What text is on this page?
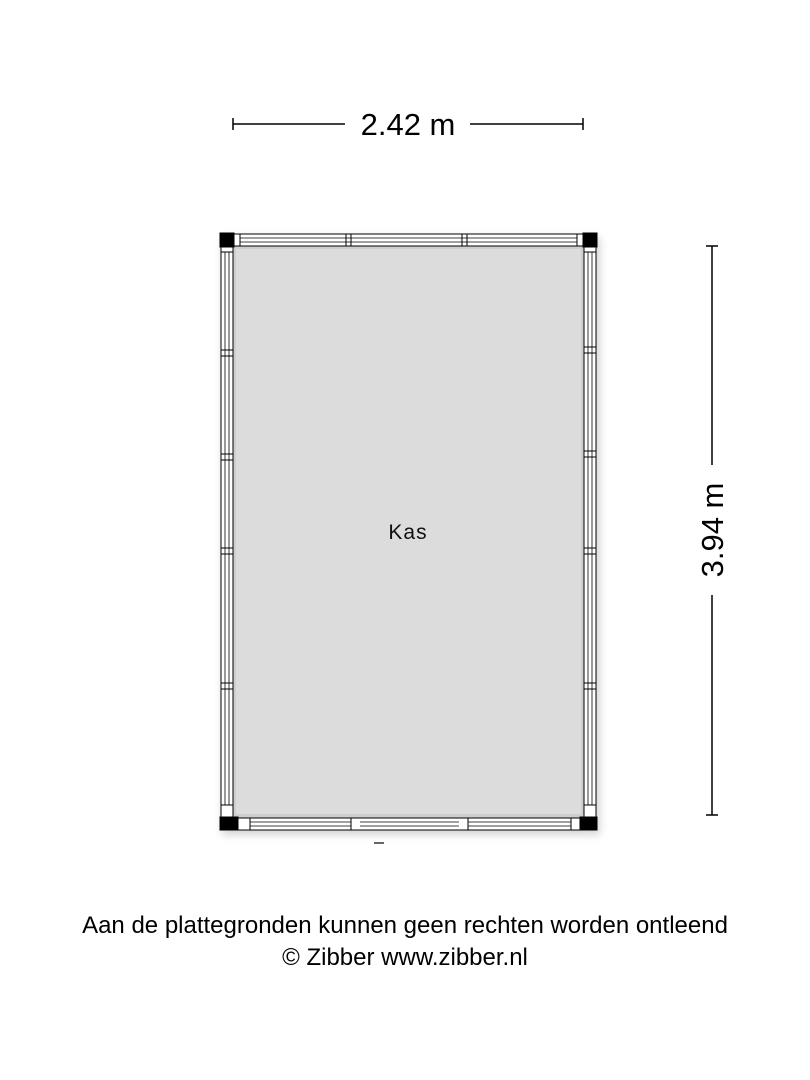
2.42 m
3.94 m
Kas
Aan de plattegronden kunnen geen rechten worden ontleend
© Zibber www.zibber.nl
